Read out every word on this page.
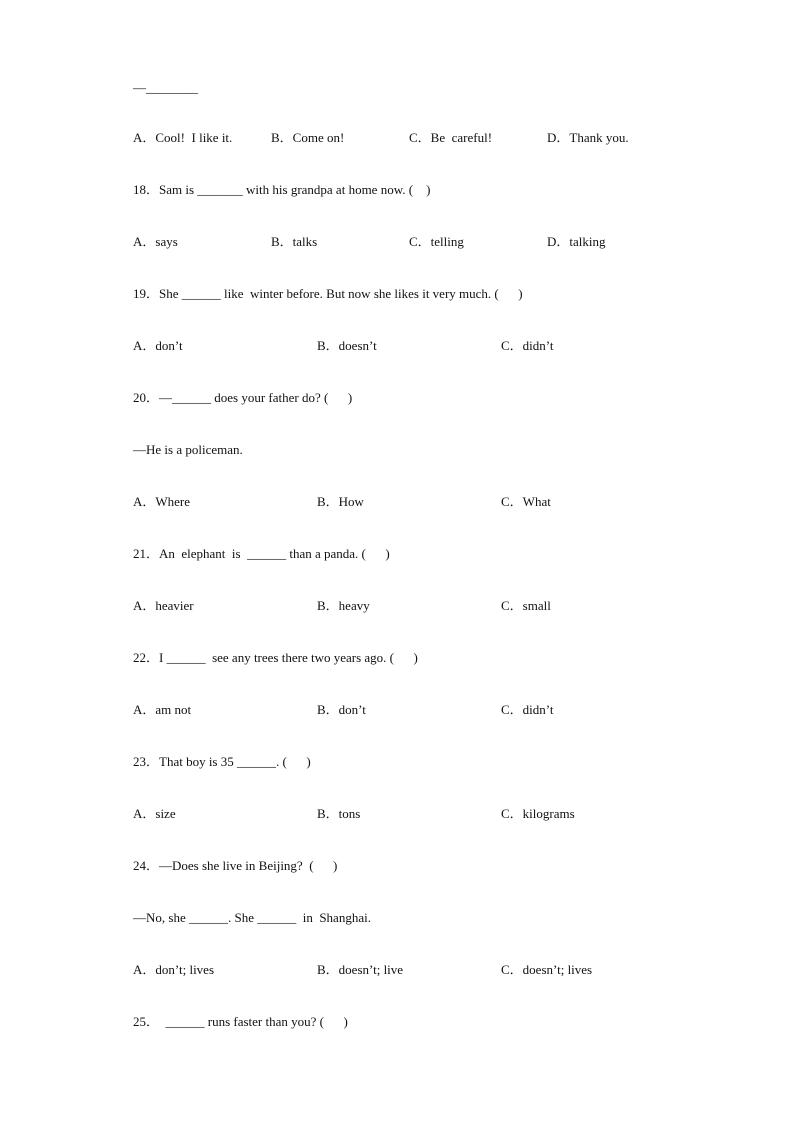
—________
A．Cool!  I like it.	B．Come on!	C．Be  careful!	D．Thank you.
18．Sam is _______ with his grandpa at home now. (    )
A．says	B．talks	C．telling	D．talking
19．She ______ like  winter before. But now she likes it very much. (      )
A．don’t	B．doesn’t	C．didn’t
20．—______ does your father do? (      )
—He is a policeman.
A．Where	B．How	C．What
21．An  elephant  is  ______ than a panda. (      )
A．heavier	B．heavy	C．small
22．I ______  see any trees there two years ago. (      )
A．am not	B．don’t	C．didn’t
23．That boy is 35 ______. (      )
A．size	B．tons	C．kilograms
24．—Does she live in Beijing?  (      )
—No, she ______. She ______  in  Shanghai.
A．don’t; lives	B．doesn’t; live	C．doesn’t; lives
25．  ______ runs faster than you? (      )
